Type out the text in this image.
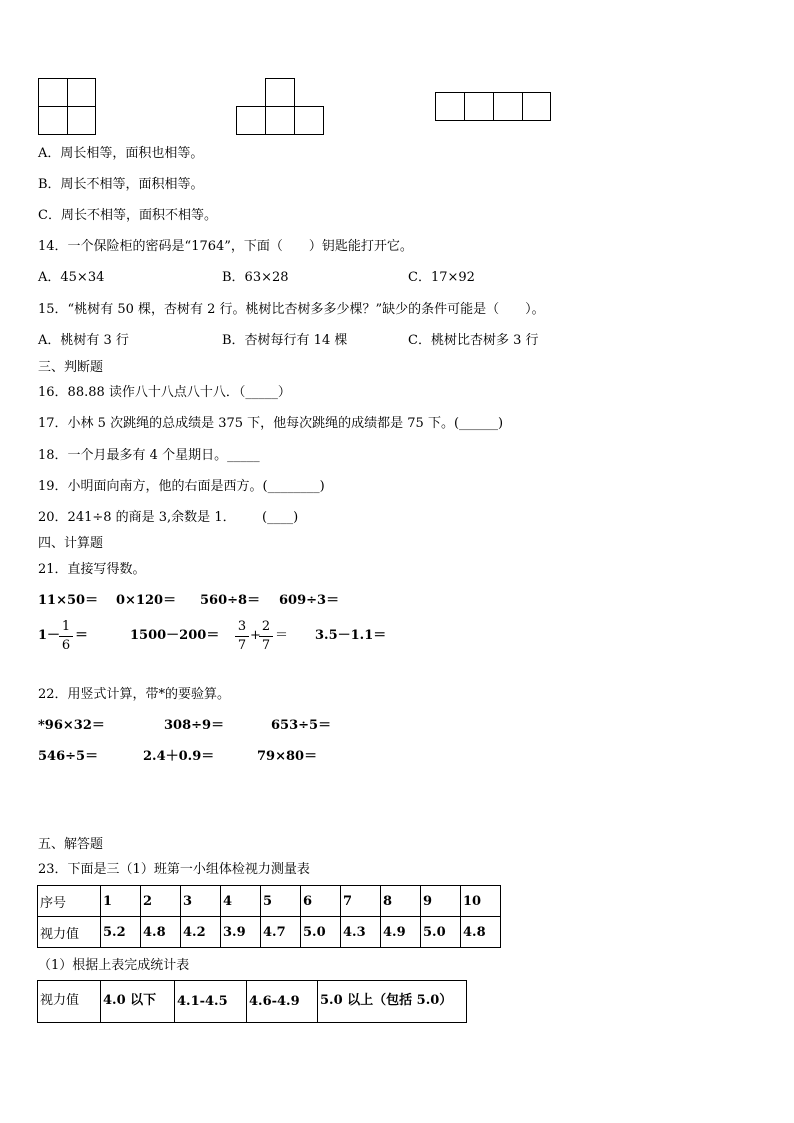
A．周长相等，面积也相等。
B．周长不相等，面积相等。
C．周长不相等，面积不相等。
14．一个保险柜的密码是“1764”，下面（　　）钥匙能打开它。
A．45×34	B．63×28	C．17×92
15．“桃树有 50 棵，杏树有 2 行。桃树比杏树多多少棵？”缺少的条件可能是（　　）。
A．桃树有 3 行	B．杏树每行有 14 棵	C．桃树比杏树多 3 行
三、判断题
16．88.88 读作八十八点八十八．（_____）
17．小林 5 次跳绳的总成绩是 375 下，他每次跳绳的成绩都是 75 下。(______)
18．一个月最多有 4 个星期日。_____
19．小明面向南方，他的右面是西方。(________)
20．241÷8 的商是 3,余数是 1． (____)
四、计算题
21．直接写得数。
11×50＝ 0×120＝ 560÷8＝ 609÷3＝
1－
1
6
＝	1500－200＝
3
7
+
2
7
＝ 3.5－1.1＝
22．用竖式计算，带*的要验算。
*96×32＝	308÷9＝	653÷5＝
546÷5＝	2.4＋0.9＝	79×80＝
五、解答题
23．下面是三（1）班第一小组体检视力测量表
序号	1	2	3	4	5	6	7	8	9	10
视力值	5.2	4.8	4.2	3.9	4.7	5.0	4.3	4.9	5.0	4.8
（1）根据上表完成统计表
视力值	4.0 以下	4.1-4.5	4.6-4.9	5.0 以上（包括 5.0）
